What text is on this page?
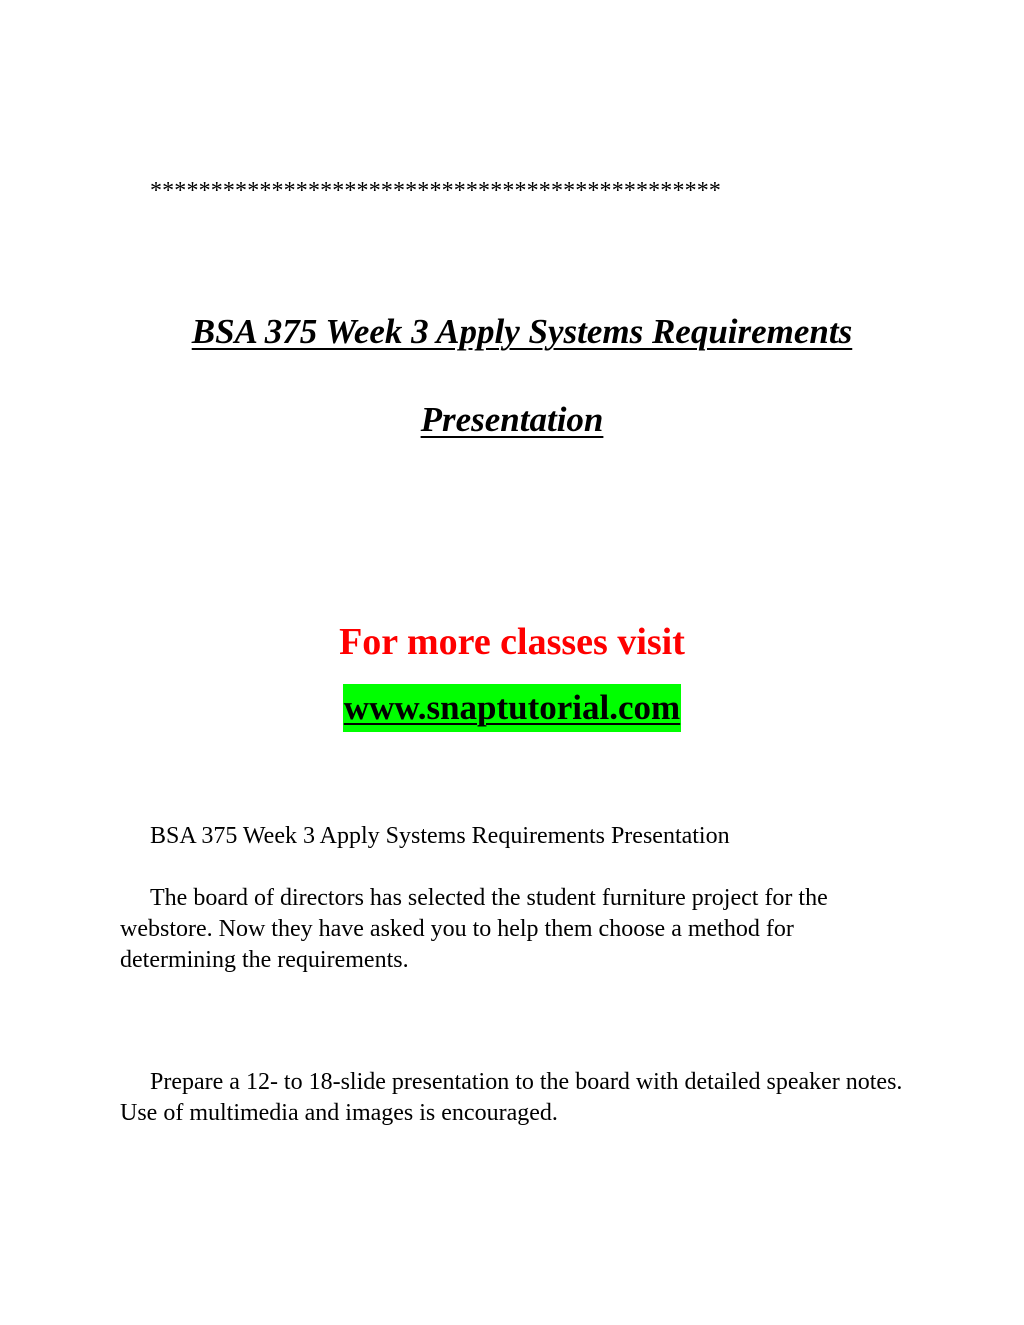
***********************************************
BSA 375 Week 3 Apply Systems Requirements
Presentation
For more classes visit
www.snaptutorial.com

BSA 375 Week 3 Apply Systems Requirements Presentation

The board of directors has selected the student furniture project for the webstore. Now they have asked you to help them choose a method for determining the requirements.

Prepare a 12- to 18-slide presentation to the board with detailed speaker notes. Use of multimedia and images is encouraged.
